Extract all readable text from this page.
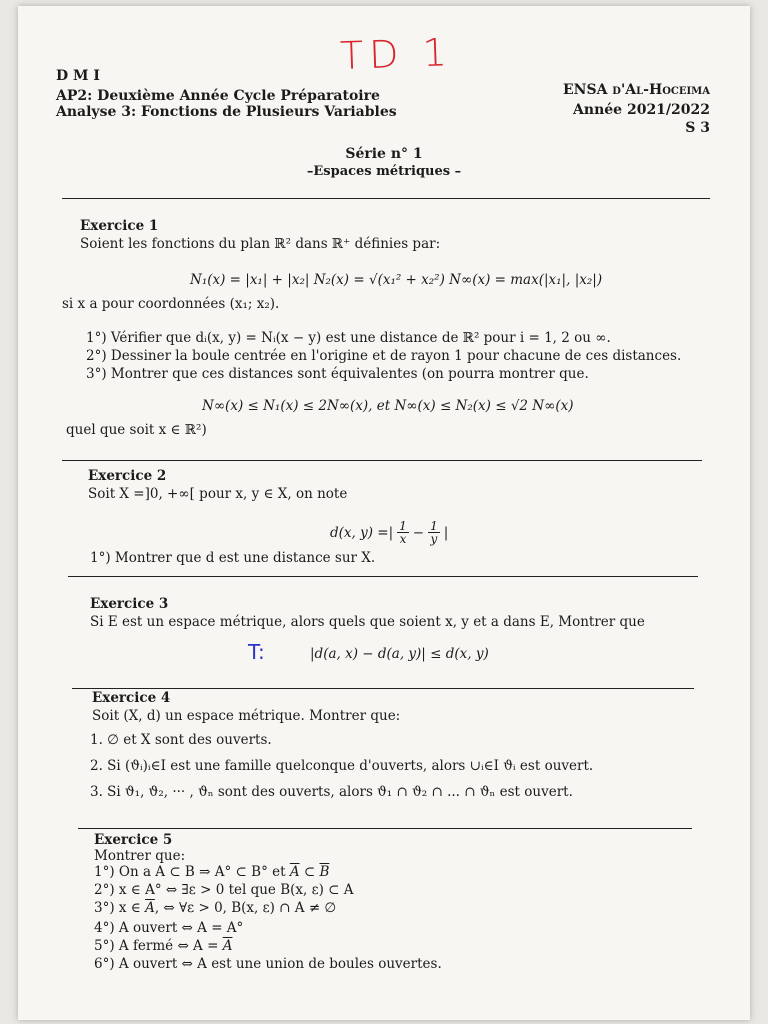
TD 1
D M I
AP2: Deuxième Année Cycle Préparatoire
Analyse 3: Fonctions de Plusieurs Variables
ENSA d'Al-Hoceima
Année 2021/2022
S 3
Série n° 1
–Espaces métriques –
Exercice 1
Soient les fonctions du plan ℝ² dans ℝ⁺ définies par:
N₁(x) = |x₁| + |x₂| N₂(x) = √(x₁² + x₂²) N∞(x) = max(|x₁|, |x₂|)
si x a pour coordonnées (x₁; x₂).
1°) Vérifier que dᵢ(x, y) = Nᵢ(x − y) est une distance de ℝ² pour i = 1, 2 ou ∞.
2°) Dessiner la boule centrée en l'origine et de rayon 1 pour chacune de ces distances.
3°) Montrer que ces distances sont équivalentes (on pourra montrer que.
N∞(x) ≤ N₁(x) ≤ 2N∞(x), et N∞(x) ≤ N₂(x) ≤ √2 N∞(x)
quel que soit x ∈ ℝ²)
Exercice 2
Soit X =]0, +∞[ pour x, y ∈ X, on note
d(x, y) =| $\frac{1}{x} - \frac{1}{y}$ |
1°) Montrer que d est une distance sur X.
Exercice 3
Si E est un espace métrique, alors quels que soient x, y et a dans E, Montrer que
T:	|d(a, x) − d(a, y)| ≤ d(x, y)
Exercice 4
Soit (X, d) un espace métrique. Montrer que:
1. ∅ et X sont des ouverts.
2. Si (ϑᵢ)ᵢ∈I est une famille quelconque d'ouverts, alors ∪ᵢ∈I ϑᵢ est ouvert.
3. Si ϑ₁, ϑ₂, ··· , ϑₙ sont des ouverts, alors ϑ₁ ∩ ϑ₂ ∩ ... ∩ ϑₙ est ouvert.
Exercice 5
Montrer que:
1°) On a A ⊂ B ⇒ A° ⊂ B° et $\overline{A}$ ⊂ $\overline{B}$
2°) x ∈ A° ⇔ ∃ε > 0 tel que B(x, ε) ⊂ A
3°) x ∈ $\overline{A}$, ⇔ ∀ε > 0, B(x, ε) ∩ A ≠ ∅
4°) A ouvert ⇔ A = A°
5°) A fermé ⇔ $A = \overline{A}$
6°) A ouvert ⇔ A est une union de boules ouvertes.
